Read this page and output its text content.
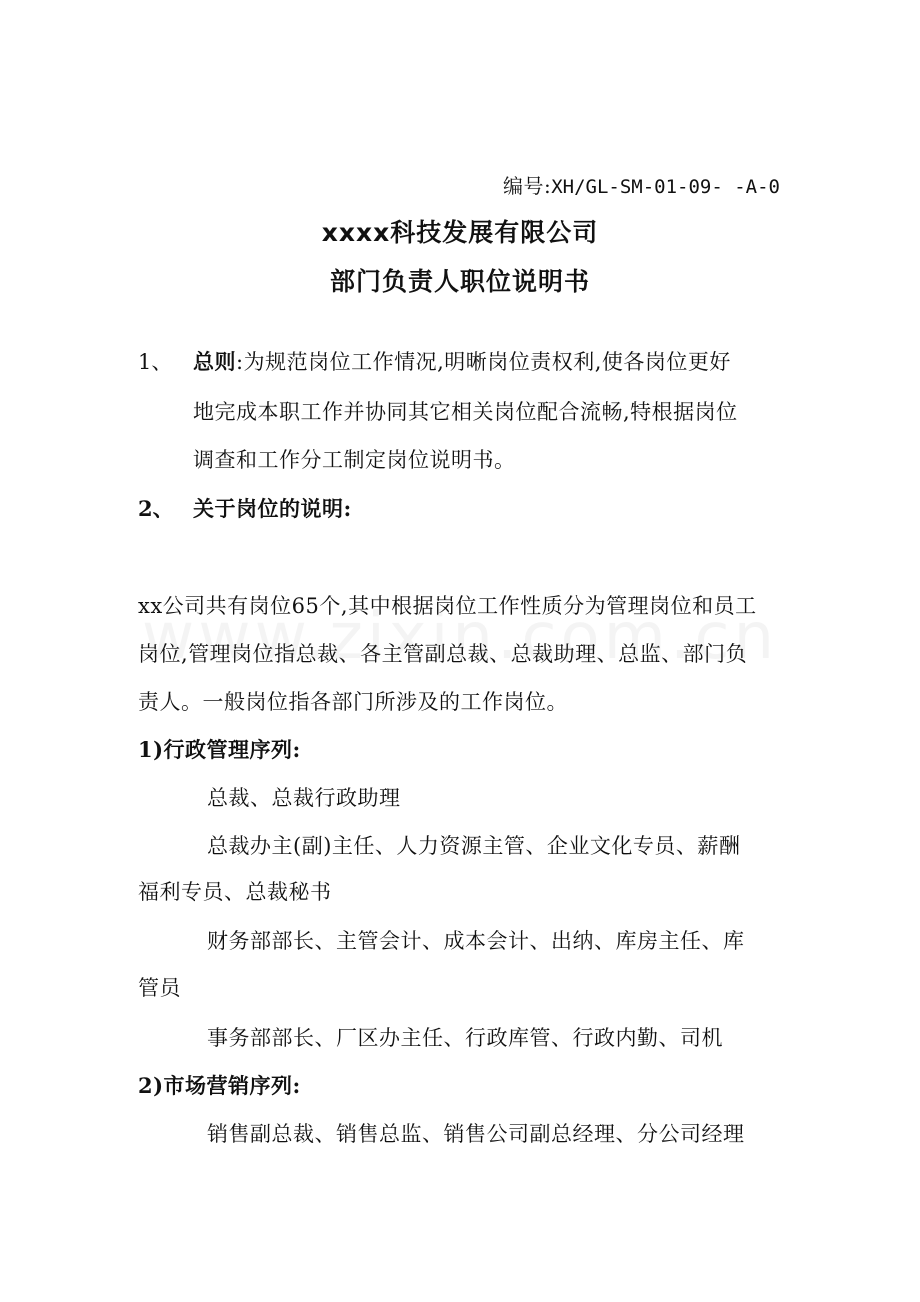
编号:XH/GL-SM-01-09- -A-0
xxxx科技发展有限公司
部门负责人职位说明书
1、 总则:为规范岗位工作情况,明晰岗位责权利,使各岗位更好
地完成本职工作并协同其它相关岗位配合流畅,特根据岗位
调查和工作分工制定岗位说明书。
2、 关于岗位的说明:
xx公司共有岗位65个,其中根据岗位工作性质分为管理岗位和员工
岗位,管理岗位指总裁、各主管副总裁、总裁助理、总监、部门负
责人。一般岗位指各部门所涉及的工作岗位。
1)行政管理序列:
总裁、总裁行政助理
总裁办主(副)主任、人力资源主管、企业文化专员、薪酬
福利专员、总裁秘书
财务部部长、主管会计、成本会计、出纳、库房主任、库
管员
事务部部长、厂区办主任、行政库管、行政内勤、司机
2)市场营销序列:
销售副总裁、销售总监、销售公司副总经理、分公司经理
